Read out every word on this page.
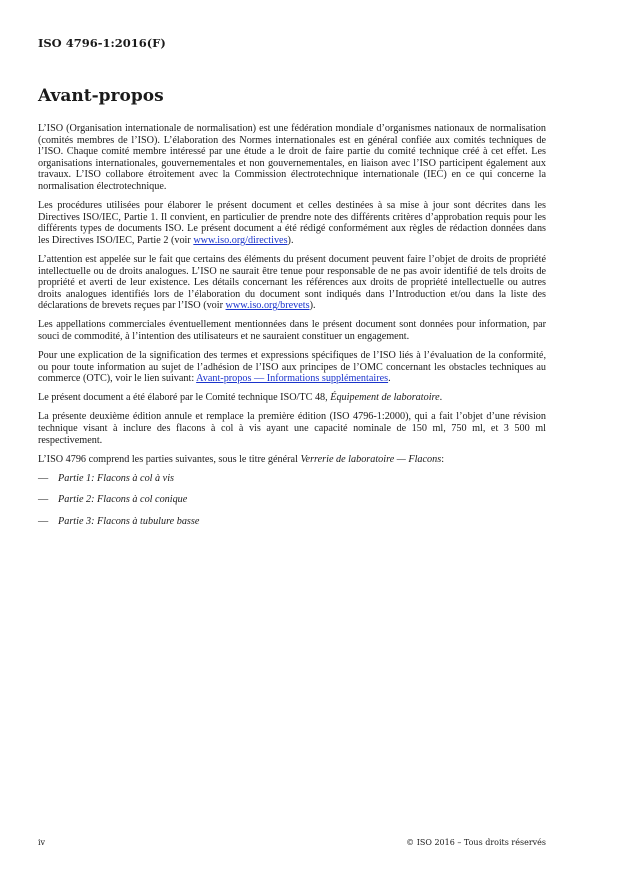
ISO 4796-1:2016(F)
Avant-propos

L’ISO (Organisation internationale de normalisation) est une fédération mondiale d’organismes nationaux de normalisation (comités membres de l’ISO). L’élaboration des Normes internationales est en général confiée aux comités techniques de l’ISO. Chaque comité membre intéressé par une étude a le droit de faire partie du comité technique créé à cet effet. Les organisations internationales, gouvernementales et non gouvernementales, en liaison avec l’ISO participent également aux travaux. L’ISO collabore étroitement avec la Commission électrotechnique internationale (IEC) en ce qui concerne la normalisation électrotechnique.

Les procédures utilisées pour élaborer le présent document et celles destinées à sa mise à jour sont décrites dans les Directives ISO/IEC, Partie 1. Il convient, en particulier de prendre note des différents critères d’approbation requis pour les différents types de documents ISO. Le présent document a été rédigé conformément aux règles de rédaction données dans les Directives ISO/IEC, Partie 2 (voir www.iso.org/directives).

L’attention est appelée sur le fait que certains des éléments du présent document peuvent faire l’objet de droits de propriété intellectuelle ou de droits analogues. L’ISO ne saurait être tenue pour responsable de ne pas avoir identifié de tels droits de propriété et averti de leur existence. Les détails concernant les références aux droits de propriété intellectuelle ou autres droits analogues identifiés lors de l’élaboration du document sont indiqués dans l’Introduction et/ou dans la liste des déclarations de brevets reçues par l’ISO (voir www.iso.org/brevets).

Les appellations commerciales éventuellement mentionnées dans le présent document sont données pour information, par souci de commodité, à l’intention des utilisateurs et ne sauraient constituer un engagement.

Pour une explication de la signification des termes et expressions spécifiques de l’ISO liés à l’évaluation de la conformité, ou pour toute information au sujet de l’adhésion de l’ISO aux principes de l’OMC concernant les obstacles techniques au commerce (OTC), voir le lien suivant: Avant-propos — Informations supplémentaires.

Le présent document a été élaboré par le Comité technique ISO/TC 48, Équipement de laboratoire.

La présente deuxième édition annule et remplace la première édition (ISO 4796-1:2000), qui a fait l’objet d’une révision technique visant à inclure des flacons à col à vis ayant une capacité nominale de 150 ml, 750 ml, et 3 500 ml respectivement.

L’ISO 4796 comprend les parties suivantes, sous le titre général Verrerie de laboratoire — Flacons:

— Partie 1: Flacons à col à vis

— Partie 2: Flacons à col conique

— Partie 3: Flacons à tubulure basse

iv	© ISO 2016 – Tous droits réservés
